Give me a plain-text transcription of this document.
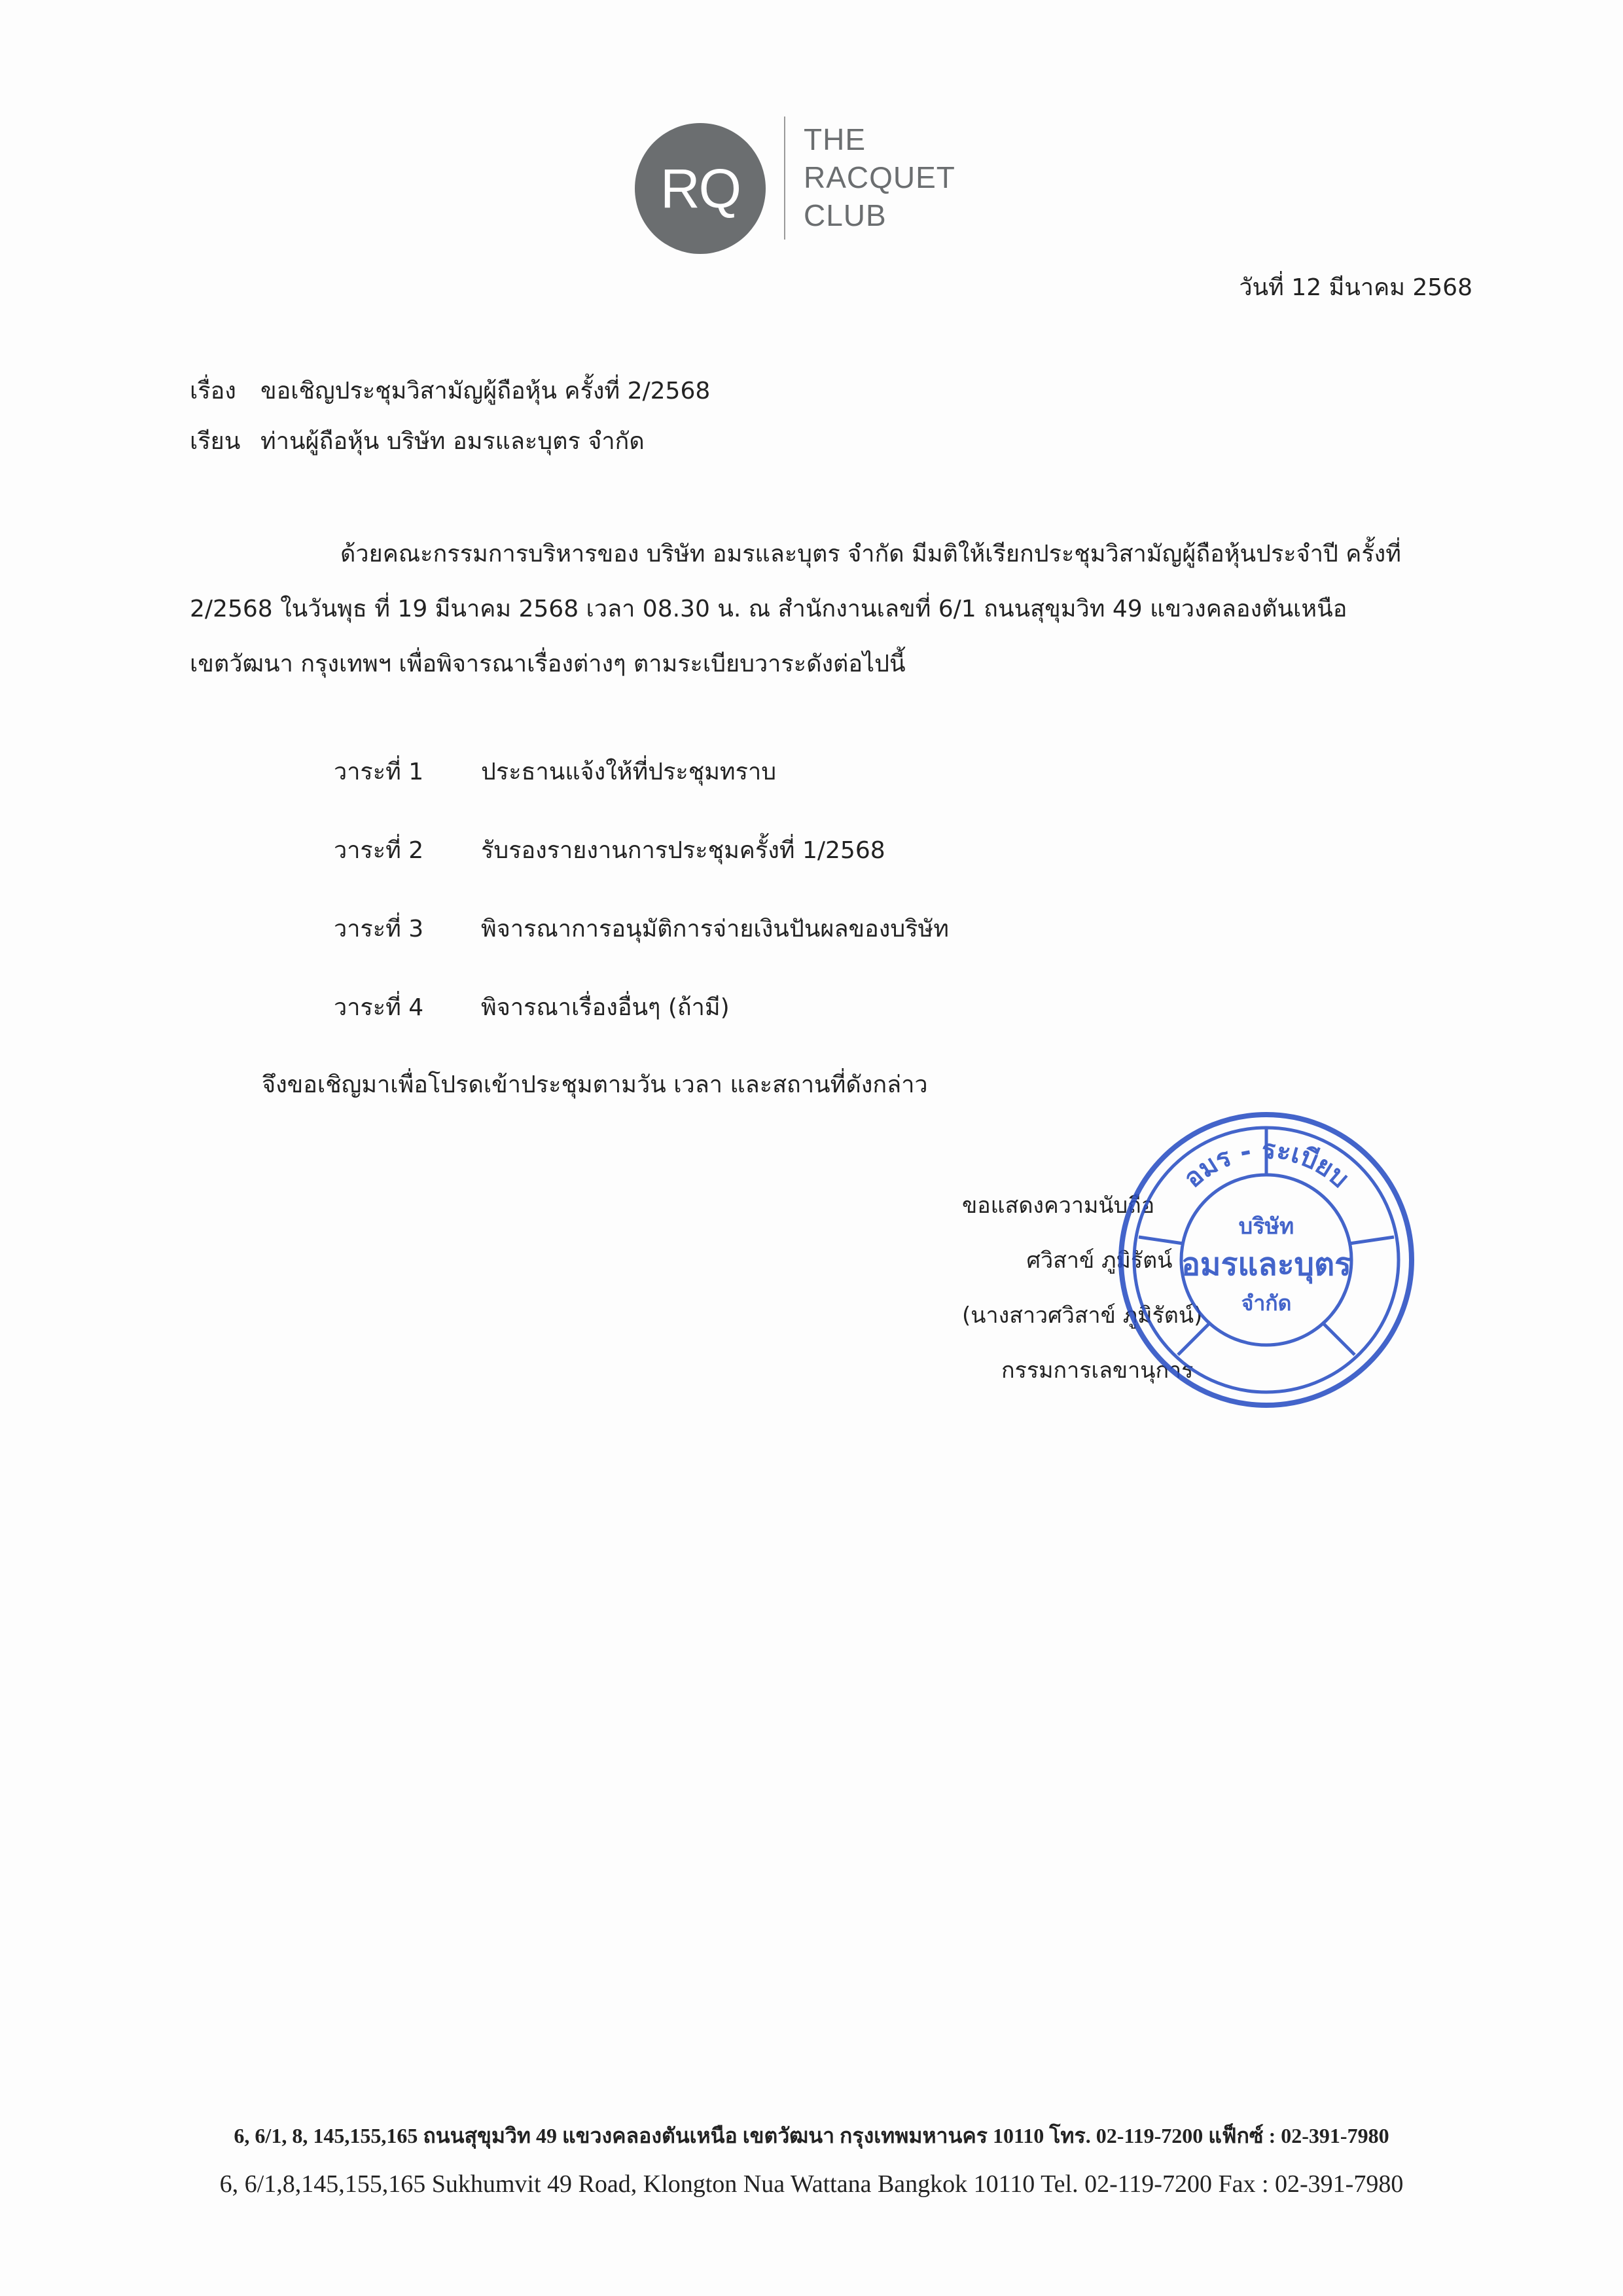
RQ
THE
RACQUET
CLUB
วันที่ 12 มีนาคม 2568
เรื่อง ขอเชิญประชุมวิสามัญผู้ถือหุ้น ครั้งที่ 2/2568
เรียน ท่านผู้ถือหุ้น บริษัท อมรและบุตร จำกัด
ด้วยคณะกรรมการบริหารของ บริษัท อมรและบุตร จำกัด มีมติให้เรียกประชุมวิสามัญผู้ถือหุ้นประจำปี ครั้งที่
2/2568 ในวันพุธ ที่ 19 มีนาคม 2568 เวลา 08.30 น. ณ สำนักงานเลขที่ 6/1 ถนนสุขุมวิท 49 แขวงคลองตันเหนือ
เขตวัฒนา กรุงเทพฯ เพื่อพิจารณาเรื่องต่างๆ ตามระเบียบวาระดังต่อไปนี้
วาระที่ 1	ประธานแจ้งให้ที่ประชุมทราบ
วาระที่ 2	รับรองรายงานการประชุมครั้งที่ 1/2568
วาระที่ 3	พิจารณาการอนุมัติการจ่ายเงินปันผลของบริษัท
วาระที่ 4	พิจารณาเรื่องอื่นๆ (ถ้ามี)
จึงขอเชิญมาเพื่อโปรดเข้าประชุมตามวัน เวลา และสถานที่ดังกล่าว
ขอแสดงความนับถือ
ศวิสาข์ ภูมิรัตน์
(นางสาวศวิสาข์ ภูมิรัตน์)
กรรมการเลขานุการ
อมร - ระเบียบ
บริษัท
อมรและบุตร
จำกัด
6, 6/1, 8, 145,155,165 ถนนสุขุมวิท 49 แขวงคลองตันเหนือ เขตวัฒนา กรุงเทพมหานคร 10110 โทร. 02-119-7200 แฟ็กซ์ : 02-391-7980
6, 6/1,8,145,155,165 Sukhumvit 49 Road, Klongton Nua Wattana Bangkok 10110 Tel. 02-119-7200 Fax : 02-391-7980
